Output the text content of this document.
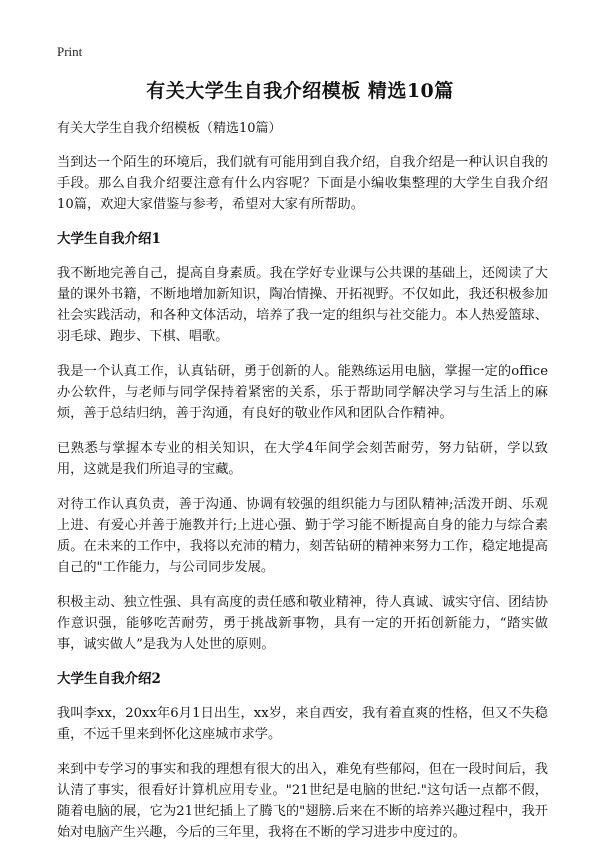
Print
有关大学生自我介绍模板 精选10篇

有关大学生自我介绍模板（精选10篇）

当到达一个陌生的环境后，我们就有可能用到自我介绍，自我介绍是一种认识自我的手段。那么自我介绍要注意有什么内容呢？下面是小编收集整理的大学生自我介绍10篇，欢迎大家借鉴与参考，希望对大家有所帮助。

大学生自我介绍1

我不断地完善自己，提高自身素质。我在学好专业课与公共课的基础上，还阅读了大量的课外书籍，不断地增加新知识，陶冶情操、开拓视野。不仅如此，我还积极参加社会实践活动，和各种文体活动，培养了我一定的组织与社交能力。本人热爱篮球、羽毛球、跑步、下棋、唱歌。

我是一个认真工作，认真钻研，勇于创新的人。能熟练运用电脑，掌握一定的office办公软件，与老师与同学保持着紧密的关系，乐于帮助同学解决学习与生活上的麻烦，善于总结归纳，善于沟通，有良好的敬业作风和团队合作精神。

已熟悉与掌握本专业的相关知识，在大学4年间学会刻苦耐劳，努力钻研，学以致用，这就是我们所追寻的宝藏。

对待工作认真负责，善于沟通、协调有较强的组织能力与团队精神;活泼开朗、乐观上进、有爱心并善于施教并行;上进心强、勤于学习能不断提高自身的能力与综合素质。在未来的工作中，我将以充沛的精力，刻苦钻研的精神来努力工作，稳定地提高自己的"工作能力，与公司同步发展。

积极主动、独立性强、具有高度的责任感和敬业精神，待人真诚、诚实守信、团结协作意识强，能够吃苦耐劳，勇于挑战新事物，具有一定的开拓创新能力，“踏实做事，诚实做人”是我为人处世的原则。

大学生自我介绍2

我叫李xx，20xx年6月1日出生，xx岁，来自西安，我有着直爽的性格，但又不失稳重，不远千里来到怀化这座城市求学。

来到中专学习的事实和我的理想有很大的出入，难免有些郁闷，但在一段时间后，我认清了事实，很看好计算机应用专业。"21世纪是电脑的世纪."这句话一点都不假，随着电脑的展，它为21世纪插上了腾飞的"翅膀.后来在不断的培养兴趣过程中，我开始对电脑产生兴趣，今后的三年里，我将在不断的学习进步中度过的。
